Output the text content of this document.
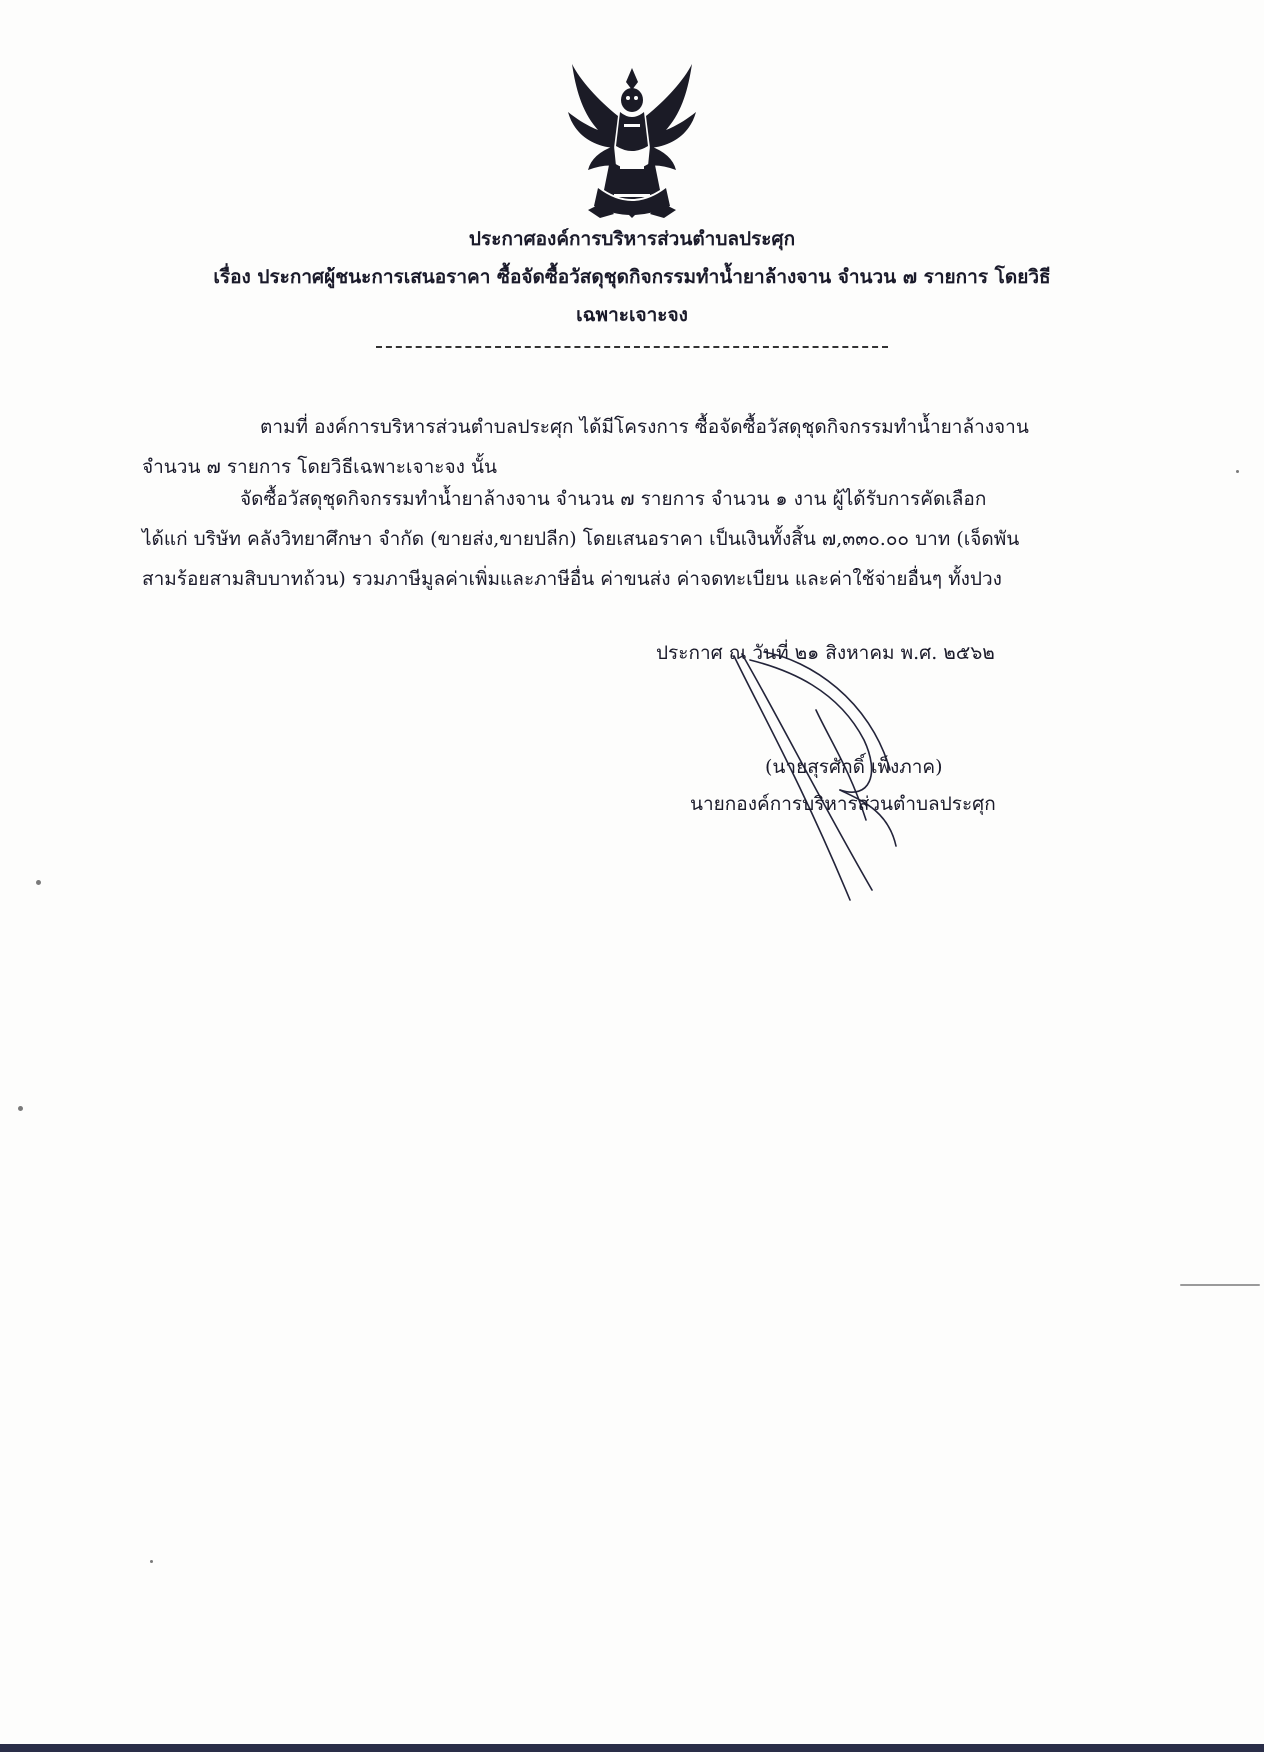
ประกาศองค์การบริหารส่วนตำบลประศุก
เรื่อง ประกาศผู้ชนะการเสนอราคา ซื้อจัดซื้อวัสดุชุดกิจกรรมทำน้ำยาล้างจาน จำนวน ๗ รายการ โดยวิธี
เฉพาะเจาะจง
ตามที่ องค์การบริหารส่วนตำบลประศุก ได้มีโครงการ ซื้อจัดซื้อวัสดุชุดกิจกรรมทำน้ำยาล้างจาน
จำนวน ๗ รายการ โดยวิธีเฉพาะเจาะจง นั้น
จัดซื้อวัสดุชุดกิจกรรมทำน้ำยาล้างจาน จำนวน ๗ รายการ จำนวน ๑ งาน ผู้ได้รับการคัดเลือก
ได้แก่ บริษัท คลังวิทยาศึกษา จำกัด (ขายส่ง,ขายปลีก) โดยเสนอราคา เป็นเงินทั้งสิ้น ๗,๓๓๐.๐๐ บาท (เจ็ดพัน
สามร้อยสามสิบบาทถ้วน) รวมภาษีมูลค่าเพิ่มและภาษีอื่น ค่าขนส่ง ค่าจดทะเบียน และค่าใช้จ่ายอื่นๆ ทั้งปวง
ประกาศ ณ วันที่ ๒๑ สิงหาคม พ.ศ. ๒๕๖๒
(นายสุรศักดิ์ เพ็งภาค)
นายกองค์การบริหารส่วนตำบลประศุก
